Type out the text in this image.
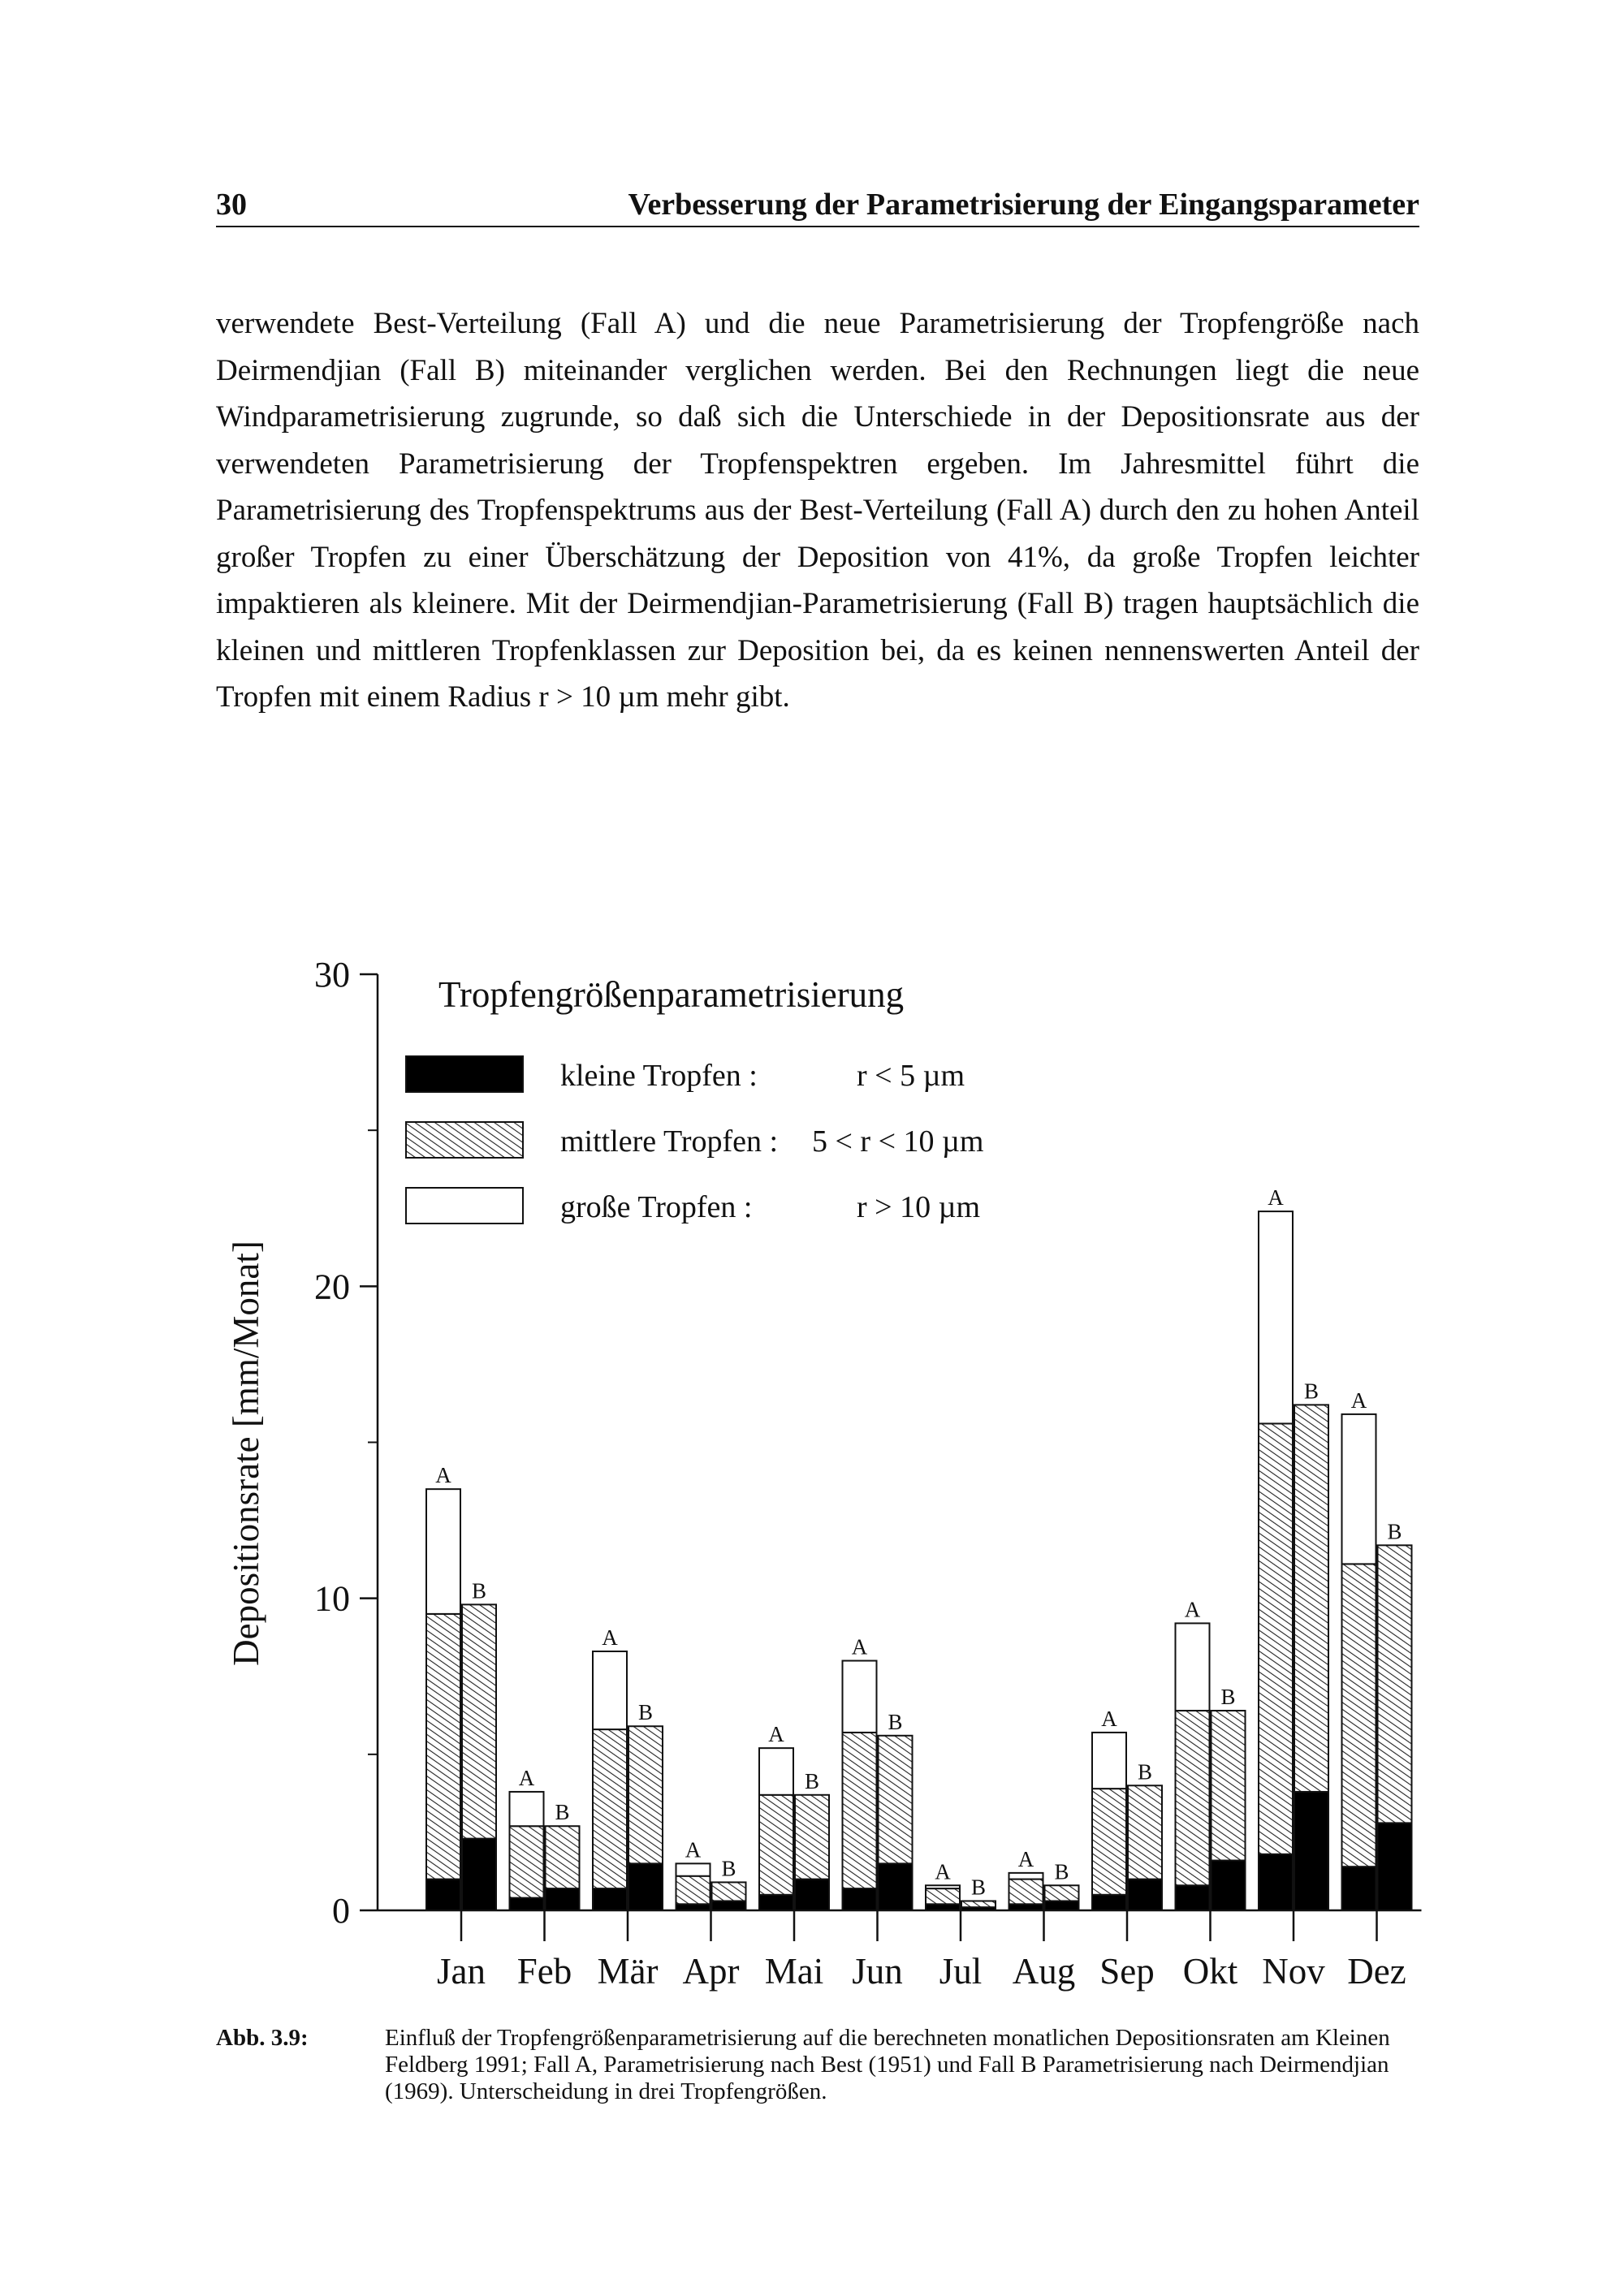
30	Verbesserung der Parametrisierung der Eingangsparameter

verwendete Best-Verteilung (Fall A) und die neue Parametrisierung der Tropfengröße nach Deirmendjian (Fall B) miteinander verglichen werden. Bei den Rechnungen liegt die neue Windparametrisierung zugrunde, so daß sich die Unterschiede in der Depositionsrate aus der verwendeten Parametrisierung der Tropfenspektren ergeben. Im Jahresmittel führt die Parametrisierung des Tropfenspektrums aus der Best-Verteilung (Fall A) durch den zu hohen Anteil großer Tropfen zu einer Überschätzung der Deposition von 41%, da große Tropfen leichter impaktieren als kleinere. Mit der Deirmendjian-Parametrisierung (Fall B) tragen hauptsächlich die kleinen und mittleren Tropfenklassen zur Deposition bei, da es keinen nennenswerten Anteil der Tropfen mit einem Radius r > 10 µm mehr gibt.

0
10
20
30
Jan Feb Mär Apr Mai Jun Jul Aug Sep Okt Nov Dez
A
B
A
B
A
B
A
B
A
B
A
B
A
B
A
B
A
B
A
B
A
B A
B
kleine Tropfen :	r < 5 µm
mittlere Tropfen : 5 < r < 10 µm
große Tropfen :	r > 10 µm
Tropfengrößenparametrisierung
Depositionsrate [mm/Monat]
Abb. 3.9:	Einfluß der Tropfengrößenparametrisierung auf die berechneten monatlichen Depositionsraten am Kleinen Feldberg 1991; Fall A, Parametrisierung nach Best (1951) und Fall B Parametrisierung nach Deirmendjian (1969). Unterscheidung in drei Tropfengrößen.
